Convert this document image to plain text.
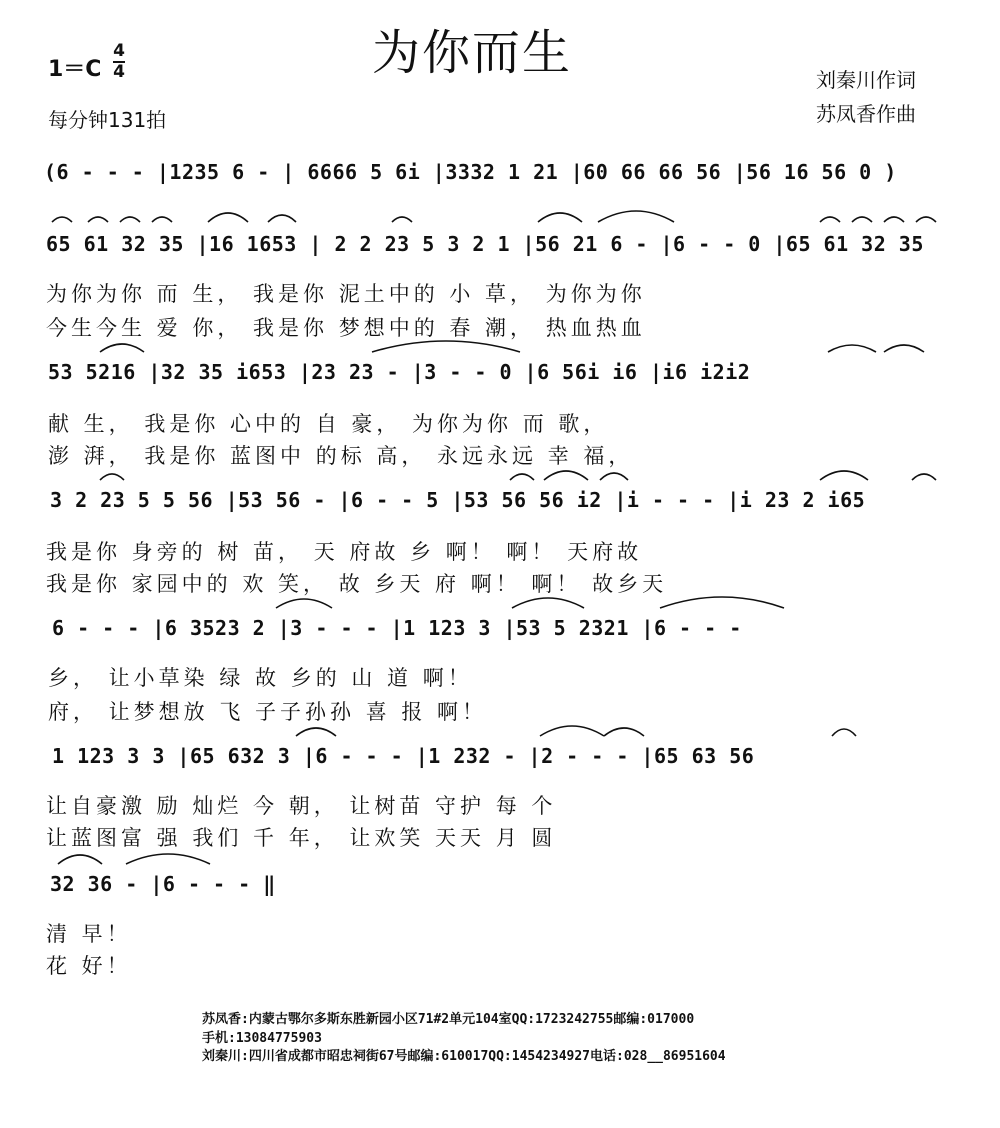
为你而生
1＝C
4
4
每分钟131拍
刘秦川作词
苏凤香作曲
(6 - - - |1235 6 - | 6666 5 6i |3332 1 21 |60 66 66 56 |56 16 56 0 )
65 61 32 35 |16 1653 | 2 2 23 5 3 2 1 |56 21 6 - |6 - - 0 |65 61 32 35
为你为你 而 生， 我是你 泥土中的 小 草， 为你为你
今生今生 爱 你， 我是你 梦想中的 春 潮， 热血热血
53 5216 |32 35 i653 |23 23 - |3 - - 0 |6 56i i6 |i6 i2i2
献 生， 我是你 心中的 自 豪， 为你为你 而 歌，
澎 湃， 我是你 蓝图中 的标 高， 永远永远 幸 福，
3 2 23 5 5 56 |53 56 - |6 - - 5 |53 56 56 i2 |i - - - |i 23 2 i65
我是你 身旁的 树 苗， 天 府故 乡 啊！ 啊！ 天府故
我是你 家园中的 欢 笑， 故 乡天 府 啊！ 啊！ 故乡天
6 - - - |6 3523 2 |3 - - - |1 123 3 |53 5 2321 |6 - - -
乡， 让小草染 绿 故 乡的 山 道 啊！
府， 让梦想放 飞 子子孙孙 喜 报 啊！
1 123 3 3 |65 632 3 |6 - - - |1 232 - |2 - - - |65 63 56
让自豪激 励 灿烂 今 朝， 让树苗 守护 每 个
让蓝图富 强 我们 千 年， 让欢笑 天天 月 圆
32 36 - |6 - - - ‖
清 早！
花 好！
苏凤香:内蒙古鄂尔多斯东胜新园小区71#2单元104室QQ:1723242755邮编:017000
手机:13084775903
刘秦川:四川省成都市昭忠祠街67号邮编:610017QQ:1454234927电话:028__86951604
